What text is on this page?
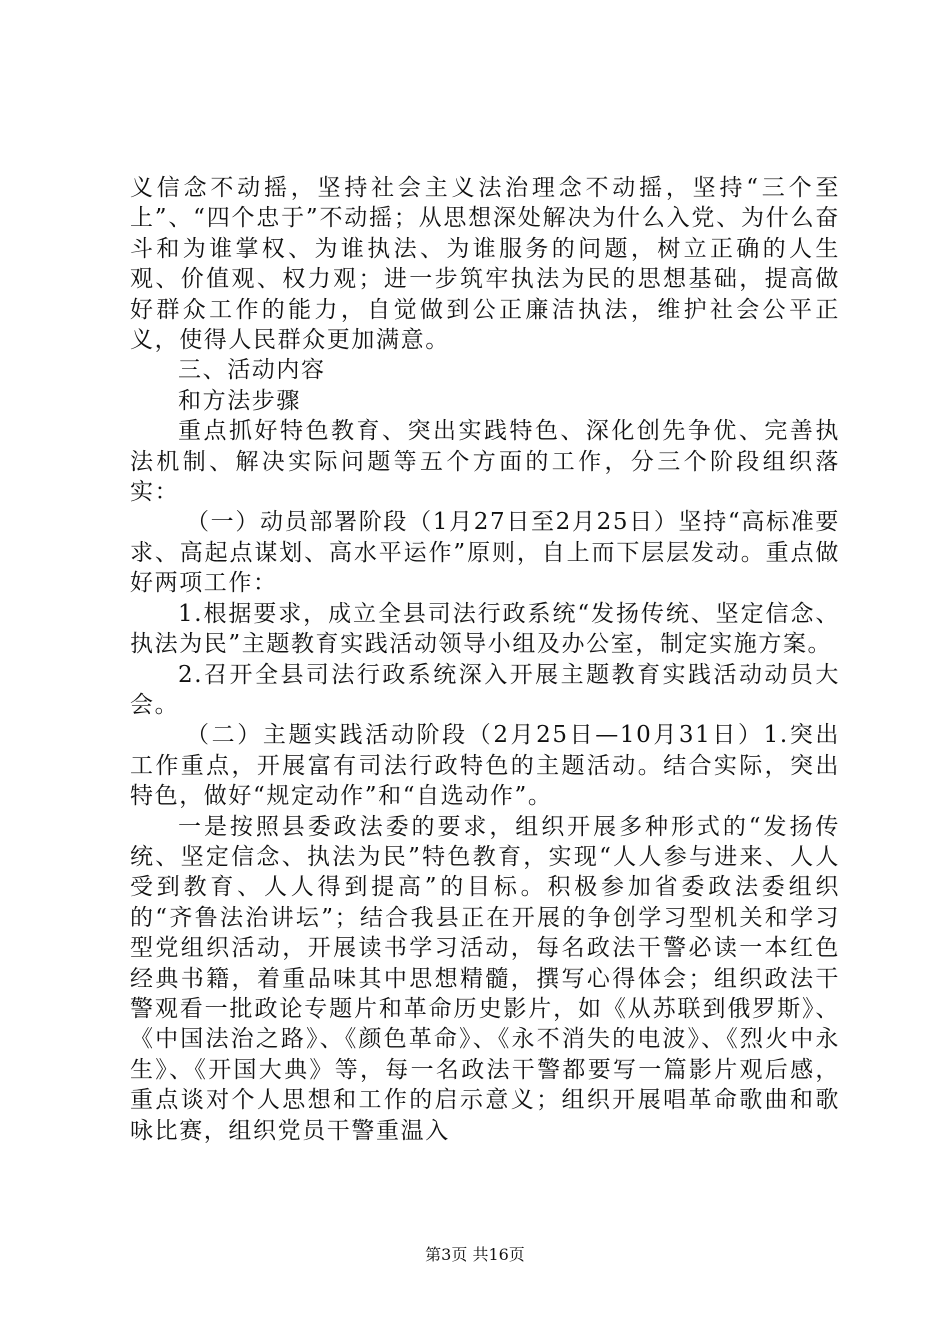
义信念不动摇，坚持社会主义法治理念不动摇，坚持“三个至上”、“四个忠于”不动摇；从思想深处解决为什么入党、为什么奋斗和为谁掌权、为谁执法、为谁服务的问题，树立正确的人生观、价值观、权力观；进一步筑牢执法为民的思想基础，提高做好群众工作的能力，自觉做到公正廉洁执法，维护社会公平正义，使得人民群众更加满意。

三、活动内容

和方法步骤

重点抓好特色教育、突出实践特色、深化创先争优、完善执法机制、解决实际问题等五个方面的工作，分三个阶段组织落实：

（一）动员部署阶段（1月27日至2月25日）坚持“高标准要求、高起点谋划、高水平运作”原则，自上而下层层发动。重点做好两项工作：

1.根据要求，成立全县司法行政系统“发扬传统、坚定信念、执法为民”主题教育实践活动领导小组及办公室，制定实施方案。

2.召开全县司法行政系统深入开展主题教育实践活动动员大会。

（二）主题实践活动阶段（2月25日—10月31日）1.突出工作重点，开展富有司法行政特色的主题活动。结合实际，突出特色，做好“规定动作”和“自选动作”。

一是按照县委政法委的要求，组织开展多种形式的“发扬传统、坚定信念、执法为民”特色教育，实现“人人参与进来、人人受到教育、人人得到提高”的目标。积极参加省委政法委组织的“齐鲁法治讲坛”；结合我县正在开展的争创学习型机关和学习型党组织活动，开展读书学习活动，每名政法干警必读一本红色经典书籍，着重品味其中思想精髓，撰写心得体会；组织政法干警观看一批政论专题片和革命历史影片，如《从苏联到俄罗斯》、《中国法治之路》、《颜色革命》、《永不消失的电波》、《烈火中永生》、《开国大典》等，每一名政法干警都要写一篇影片观后感，重点谈对个人思想和工作的启示意义；组织开展唱革命歌曲和歌咏比赛，组织党员干警重温入

第3页 共16页
